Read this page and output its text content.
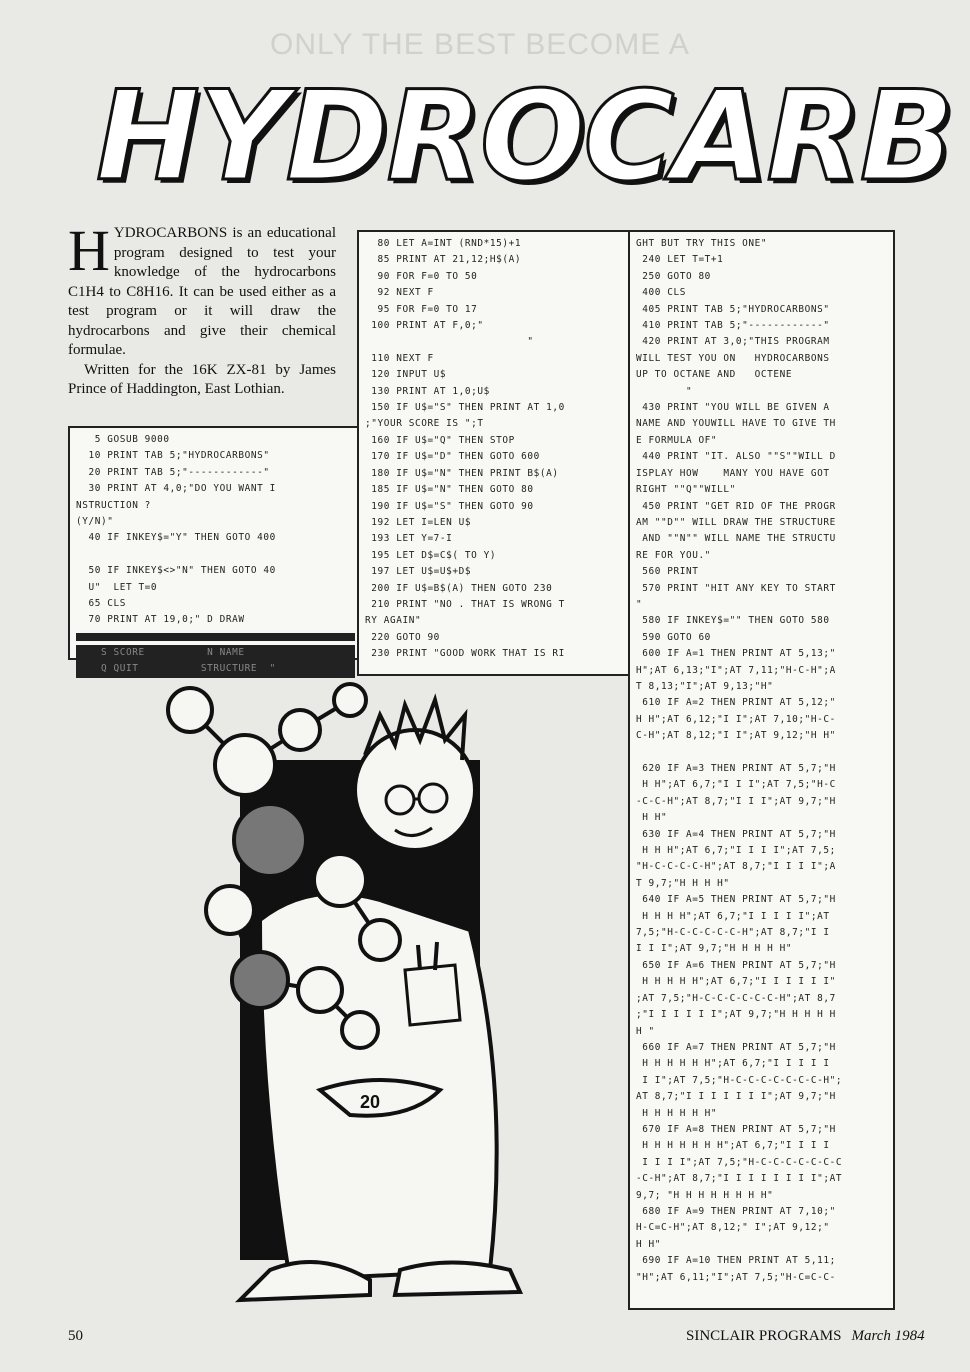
ONLY THE BEST BECOME A
HYDROCARB

HYDROCARBONS is an educational program designed to test your knowledge of the hydrocarbons C1H4 to C8H16. It can be used either as a test program or it will draw the hydrocarbons and give their chemical formulae.

Written for the 16K ZX-81 by James Prince of Haddington, East Lothian.

5 GOSUB 9000
10 PRINT TAB 5;"HYDROCARBONS"
20 PRINT TAB 5;"------------"
30 PRINT AT 4,0;"DO YOU WANT I
NSTRUCTION ?
(Y/N)"
40 IF INKEY$="Y" THEN GOTO 400

50 IF INKEY$<>"N" THEN GOTO 40
U"  LET T=0
65 CLS
70 PRINT AT 19,0;" D DRAW
S SCORE          N NAME
Q QUIT          STRUCTURE  "
80 LET A=INT (RND*15)+1
85 PRINT AT 21,12;H$(A)
90 FOR F=0 TO 50
92 NEXT F
95 FOR F=0 TO 17
100 PRINT AT F,0;"
"
110 NEXT F
120 INPUT U$
130 PRINT AT 1,0;U$
150 IF U$="S" THEN PRINT AT 1,0
;"YOUR SCORE IS ";T
160 IF U$="Q" THEN STOP
170 IF U$="D" THEN GOTO 600
180 IF U$="N" THEN PRINT B$(A)
185 IF U$="N" THEN GOTO 80
190 IF U$="S" THEN GOTO 90
192 LET I=LEN U$
193 LET Y=7-I
195 LET D$=C$( TO Y)
197 LET U$=U$+D$
200 IF U$=B$(A) THEN GOTO 230
210 PRINT "NO . THAT IS WRONG T
RY AGAIN"
220 GOTO 90
230 PRINT "GOOD WORK THAT IS RI
GHT BUT TRY THIS ONE"
240 LET T=T+1
250 GOTO 80
400 CLS
405 PRINT TAB 5;"HYDROCARBONS"
410 PRINT TAB 5;"------------"
420 PRINT AT 3,0;"THIS PROGRAM
WILL TEST YOU ON   HYDROCARBONS
UP TO OCTANE AND   OCTENE
"
430 PRINT "YOU WILL BE GIVEN A
NAME AND YOUWILL HAVE TO GIVE TH
E FORMULA OF"
440 PRINT "IT. ALSO ""S""WILL D
ISPLAY HOW    MANY YOU HAVE GOT
RIGHT ""Q""WILL"
450 PRINT "GET RID OF THE PROGR
AM ""D"" WILL DRAW THE STRUCTURE
AND ""N"" WILL NAME THE STRUCTU
RE FOR YOU."
560 PRINT
570 PRINT "HIT ANY KEY TO START
"
580 IF INKEY$="" THEN GOTO 580
590 GOTO 60
600 IF A=1 THEN PRINT AT 5,13;"
H";AT 6,13;"I";AT 7,11;"H-C-H";A
T 8,13;"I";AT 9,13;"H"
610 IF A=2 THEN PRINT AT 5,12;"
H H";AT 6,12;"I I";AT 7,10;"H-C-
C-H";AT 8,12;"I I";AT 9,12;"H H"

620 IF A=3 THEN PRINT AT 5,7;"H
H H";AT 6,7;"I I I";AT 7,5;"H-C
-C-C-H";AT 8,7;"I I I";AT 9,7;"H
H H"
630 IF A=4 THEN PRINT AT 5,7;"H
H H H";AT 6,7;"I I I I";AT 7,5;
"H-C-C-C-C-H";AT 8,7;"I I I I";A
T 9,7;"H H H H"
640 IF A=5 THEN PRINT AT 5,7;"H
H H H H";AT 6,7;"I I I I I";AT
7,5;"H-C-C-C-C-C-H";AT 8,7;"I I
I I I";AT 9,7;"H H H H H"
650 IF A=6 THEN PRINT AT 5,7;"H
H H H H H";AT 6,7;"I I I I I I"
;AT 7,5;"H-C-C-C-C-C-C-H";AT 8,7
;"I I I I I I";AT 9,7;"H H H H H
H "
660 IF A=7 THEN PRINT AT 5,7;"H
H H H H H H";AT 6,7;"I I I I I
I I";AT 7,5;"H-C-C-C-C-C-C-C-H";
AT 8,7;"I I I I I I I";AT 9,7;"H
H H H H H H"
670 IF A=8 THEN PRINT AT 5,7;"H
H H H H H H H";AT 6,7;"I I I I
I I I I";AT 7,5;"H-C-C-C-C-C-C-C
-C-H";AT 8,7;"I I I I I I I I";AT
9,7; "H H H H H H H H"
680 IF A=9 THEN PRINT AT 7,10;"
H-C=C-H";AT 8,12;" I";AT 9,12;"
H H"
690 IF A=10 THEN PRINT AT 5,11;
"H";AT 6,11;"I";AT 7,5;"H-C=C-C-
20
50	SINCLAIR PROGRAMS March 1984
